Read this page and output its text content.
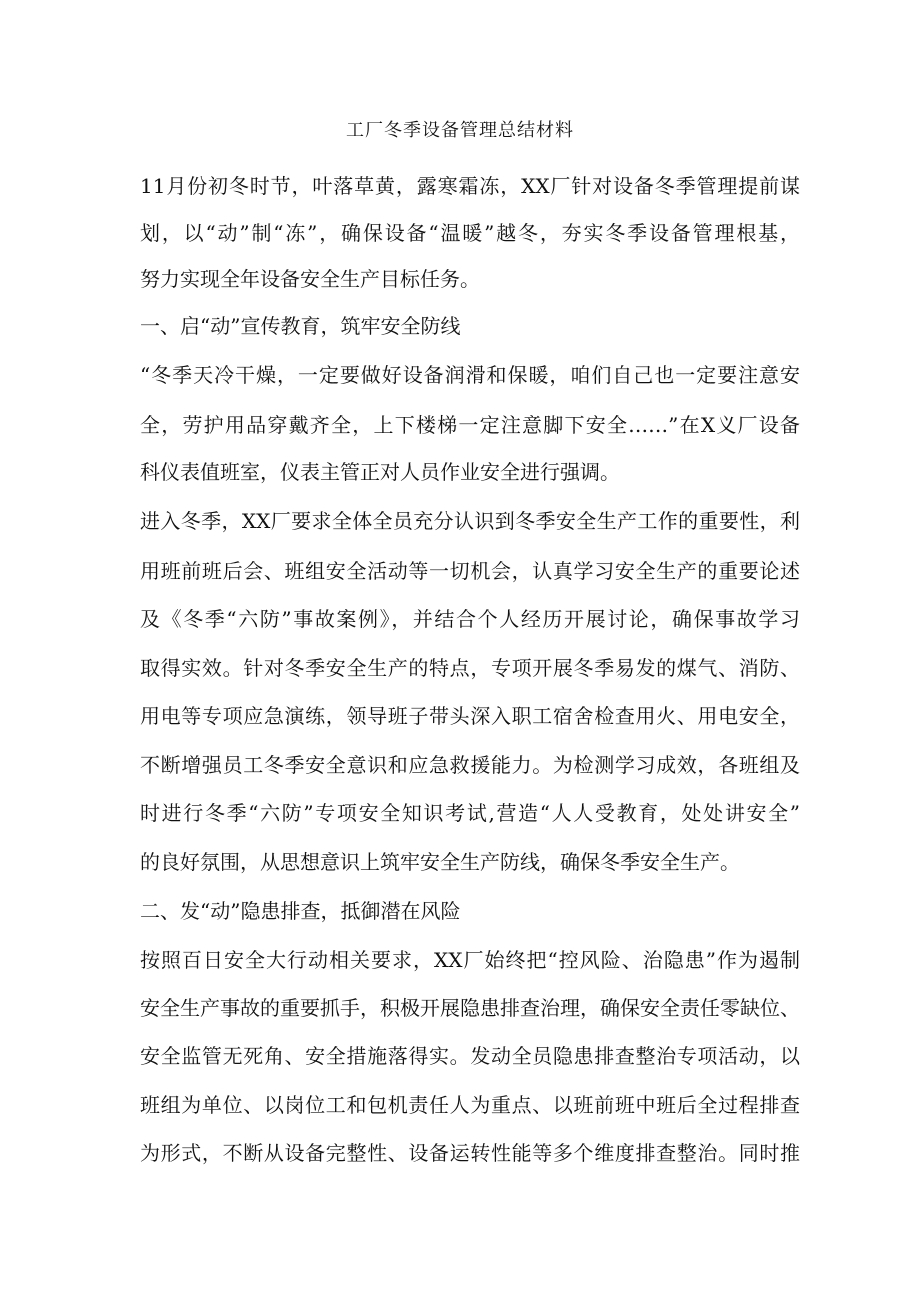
工厂冬季设备管理总结材料
11月份初冬时节，叶落草黄，露寒霜冻，XX厂针对设备冬季管理提前谋
划，以“动”制“冻”，确保设备“温暖”越冬，夯实冬季设备管理根基，
努力实现全年设备安全生产目标任务。
一、启“动”宣传教育，筑牢安全防线
“冬季天冷干燥，一定要做好设备润滑和保暖，咱们自己也一定要注意安
全，劳护用品穿戴齐全，上下楼梯一定注意脚下安全……”在X义厂设备
科仪表值班室，仪表主管正对人员作业安全进行强调。
进入冬季，XX厂要求全体全员充分认识到冬季安全生产工作的重要性，利
用班前班后会、班组安全活动等一切机会，认真学习安全生产的重要论述
及《冬季“六防”事故案例》，并结合个人经历开展讨论，确保事故学习
取得实效。针对冬季安全生产的特点，专项开展冬季易发的煤气、消防、
用电等专项应急演练，领导班子带头深入职工宿舍检查用火、用电安全，
不断增强员工冬季安全意识和应急救援能力。为检测学习成效，各班组及
时进行冬季“六防”专项安全知识考试,营造“人人受教育，处处讲安全”
的良好氛围，从思想意识上筑牢安全生产防线，确保冬季安全生产。
二、发“动”隐患排查，抵御潜在风险
按照百日安全大行动相关要求，XX厂始终把“控风险、治隐患”作为遏制
安全生产事故的重要抓手，积极开展隐患排查治理，确保安全责任零缺位、
安全监管无死角、安全措施落得实。发动全员隐患排查整治专项活动，以
班组为单位、以岗位工和包机责任人为重点、以班前班中班后全过程排查
为形式，不断从设备完整性、设备运转性能等多个维度排查整治。同时推
